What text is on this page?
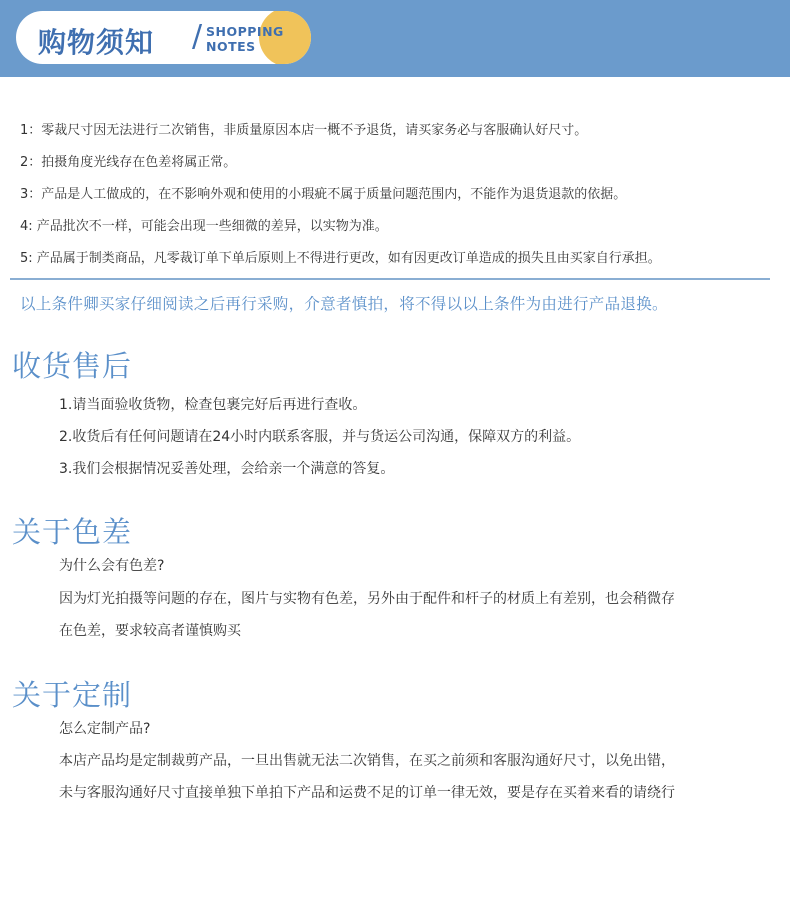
购物须知 / SHOPPING
NOTES
1：零裁尺寸因无法进行二次销售，非质量原因本店一概不予退货，请买家务必与客服确认好尺寸。
2：拍摄角度光线存在色差将属正常。
3：产品是人工做成的，在不影响外观和使用的小瑕疵不属于质量问题范围内，不能作为退货退款的依据。
4: 产品批次不一样，可能会出现一些细微的差异，以实物为准。
5: 产品属于制类商品，凡零裁订单下单后原则上不得进行更改，如有因更改订单造成的损失且由买家自行承担。
以上条件卿买家仔细阅读之后再行采购，介意者慎拍，将不得以以上条件为由进行产品退换。
收货售后
1.请当面验收货物，检查包裹完好后再进行查收。
2.收货后有任何问题请在24小时内联系客服，并与货运公司沟通，保障双方的利益。
3.我们会根据情况妥善处理，会给亲一个满意的答复。
关于色差
为什么会有色差?
因为灯光拍摄等问题的存在，图片与实物有色差，另外由于配件和杆子的材质上有差别，也会稍微存
在色差，要求较高者谨慎购买
关于定制
怎么定制产品?
本店产品均是定制裁剪产品，一旦出售就无法二次销售，在买之前须和客服沟通好尺寸，以免出错，
未与客服沟通好尺寸直接单独下单拍下产品和运费不足的订单一律无效，要是存在买着来看的请绕行
